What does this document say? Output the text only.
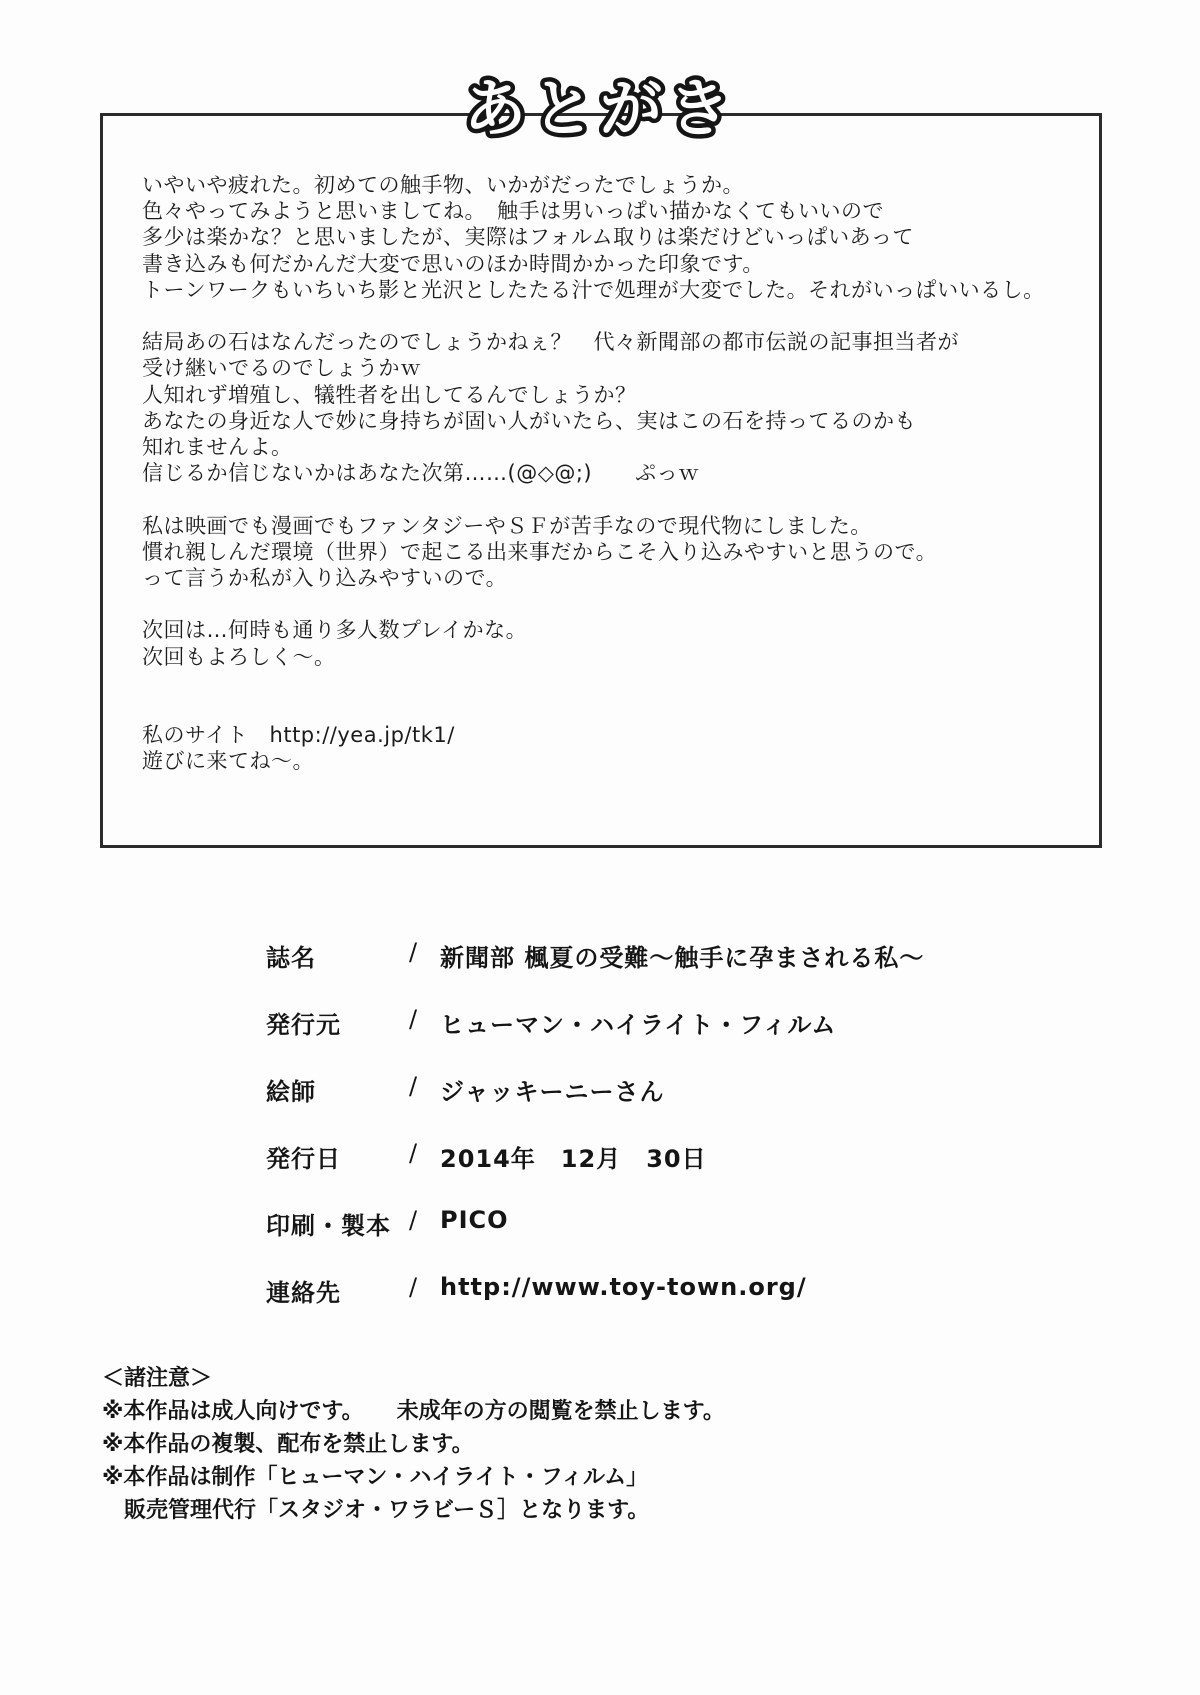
あとがき
いやいや疲れた。初めての触手物、いかがだったでしょうか。
色々やってみようと思いましてね。　触手は男いっぱい描かなくてもいいので
多少は楽かな？と思いましたが、実際はフォルム取りは楽だけどいっぱいあって
書き込みも何だかんだ大変で思いのほか時間かかった印象です。
トーンワークもいちいち影と光沢としたたる汁で処理が大変でした。それがいっぱいいるし。
結局あの石はなんだったのでしょうかねぇ？　代々新聞部の都市伝説の記事担当者が
受け継いでるのでしょうかｗ
人知れず増殖し、犠牲者を出してるんでしょうか？
あなたの身近な人で妙に身持ちが固い人がいたら、実はこの石を持ってるのかも
知れませんよ。
信じるか信じないかはあなた次第……(@◇@;)　　ぷっｗ
私は映画でも漫画でもファンタジーやＳＦが苦手なので現代物にしました。
慣れ親しんだ環境（世界）で起こる出来事だからこそ入り込みやすいと思うので。
って言うか私が入り込みやすいので。
次回は…何時も通り多人数プレイかな。
次回もよろしく〜。
私のサイト　http://yea.jp/tk1/
遊びに来てね〜。
誌名	/ 新聞部 楓夏の受難〜触手に孕まされる私〜
発行元	/ ヒューマン・ハイライト・フィルム
絵師	/ ジャッキーニーさん
発行日	/ 2014年　12月　30日
印刷・製本 / PICO
連絡先	/ http://www.toy-town.org/
＜諸注意＞
※本作品は成人向けです。　　未成年の方の閲覧を禁止します。
※本作品の複製、配布を禁止します。
※本作品は制作「ヒューマン・ハイライト・フィルム」
　販売管理代行「スタジオ・ワラビーＳ］となります。
